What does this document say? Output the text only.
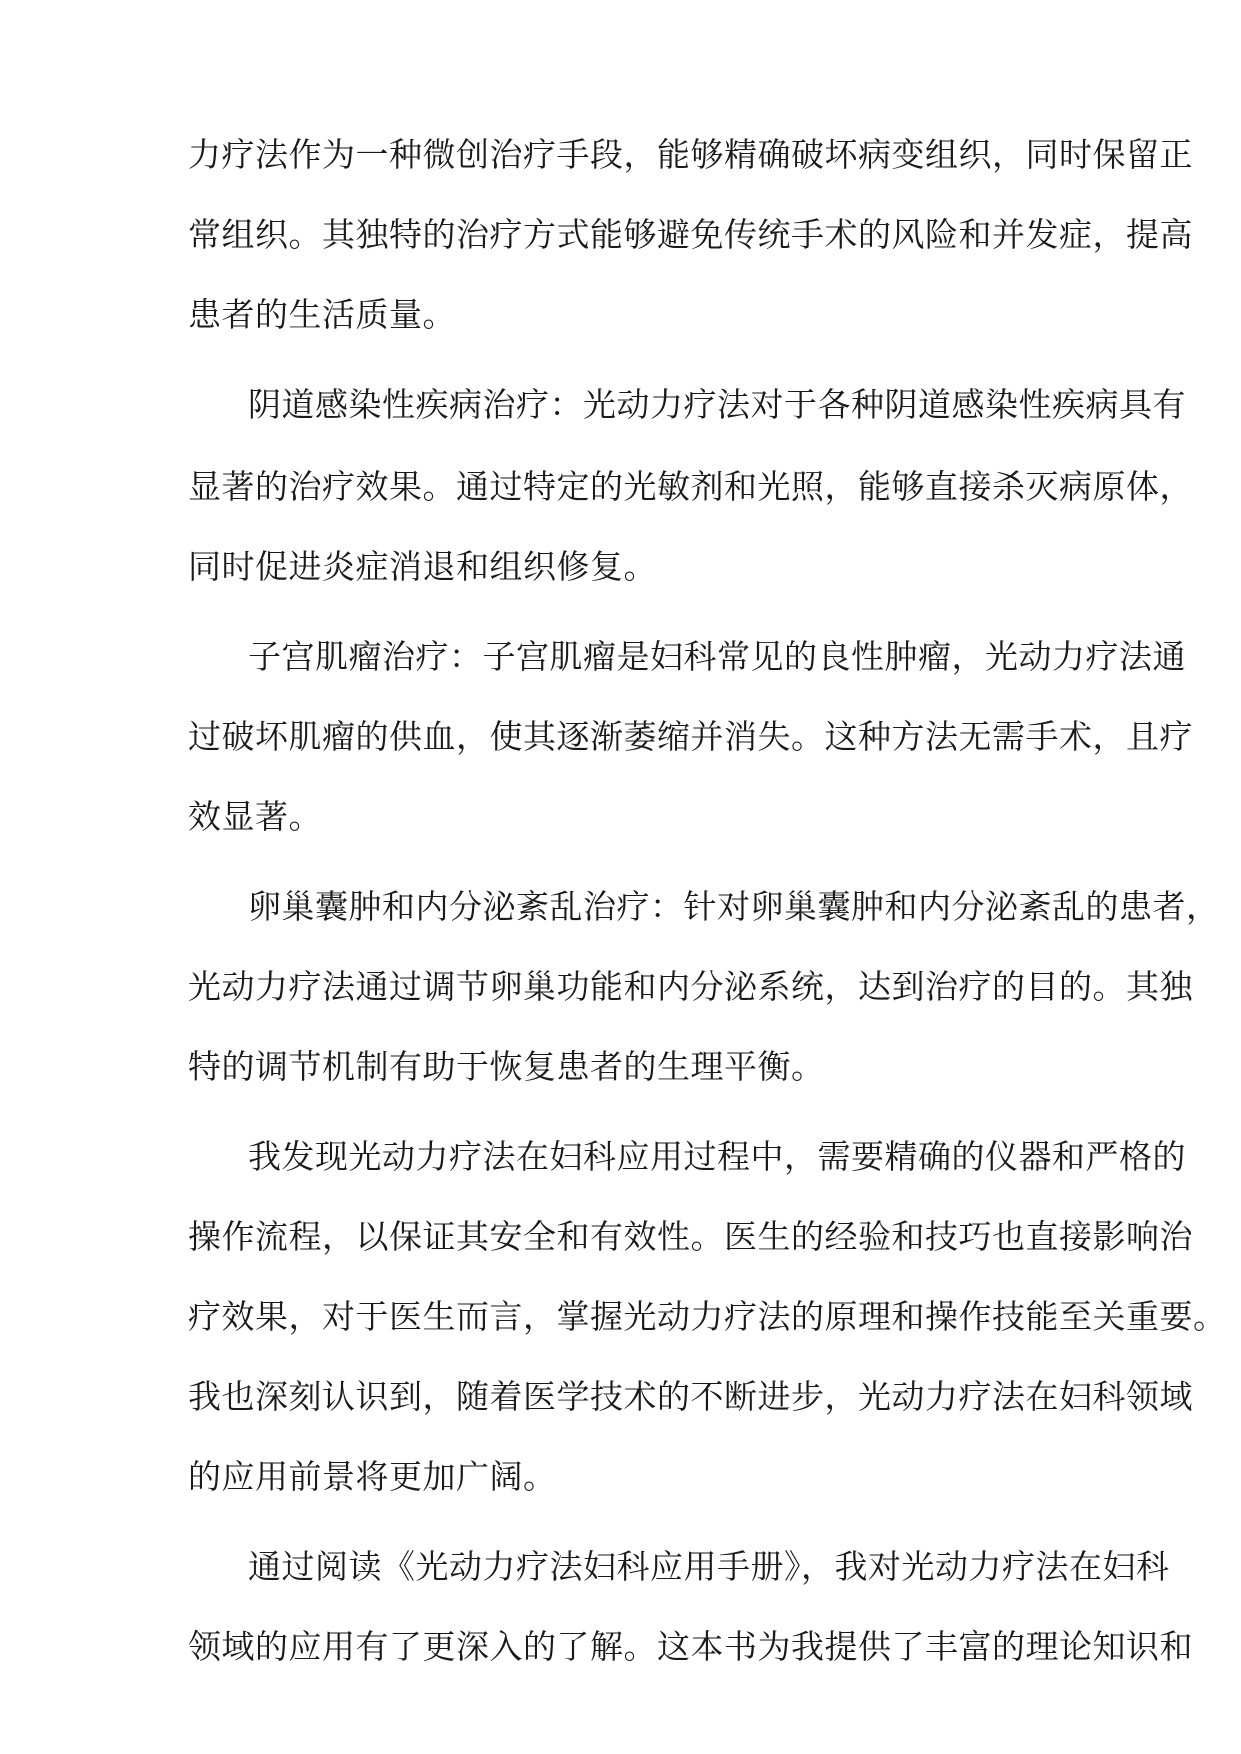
力疗法作为一种微创治疗手段，能够精确破坏病变组织，同时保留正
常组织。其独特的治疗方式能够避免传统手术的风险和并发症，提高
患者的生活质量。
阴道感染性疾病治疗：光动力疗法对于各种阴道感染性疾病具有
显著的治疗效果。通过特定的光敏剂和光照，能够直接杀灭病原体，
同时促进炎症消退和组织修复。
子宫肌瘤治疗：子宫肌瘤是妇科常见的良性肿瘤，光动力疗法通
过破坏肌瘤的供血，使其逐渐萎缩并消失。这种方法无需手术，且疗
效显著。
卵巢囊肿和内分泌紊乱治疗：针对卵巢囊肿和内分泌紊乱的患者，
光动力疗法通过调节卵巢功能和内分泌系统，达到治疗的目的。其独
特的调节机制有助于恢复患者的生理平衡。
我发现光动力疗法在妇科应用过程中，需要精确的仪器和严格的
操作流程，以保证其安全和有效性。医生的经验和技巧也直接影响治
疗效果，对于医生而言，掌握光动力疗法的原理和操作技能至关重要。
我也深刻认识到，随着医学技术的不断进步，光动力疗法在妇科领域
的应用前景将更加广阔。
通过阅读《光动力疗法妇科应用手册》，我对光动力疗法在妇科
领域的应用有了更深入的了解。这本书为我提供了丰富的理论知识和
